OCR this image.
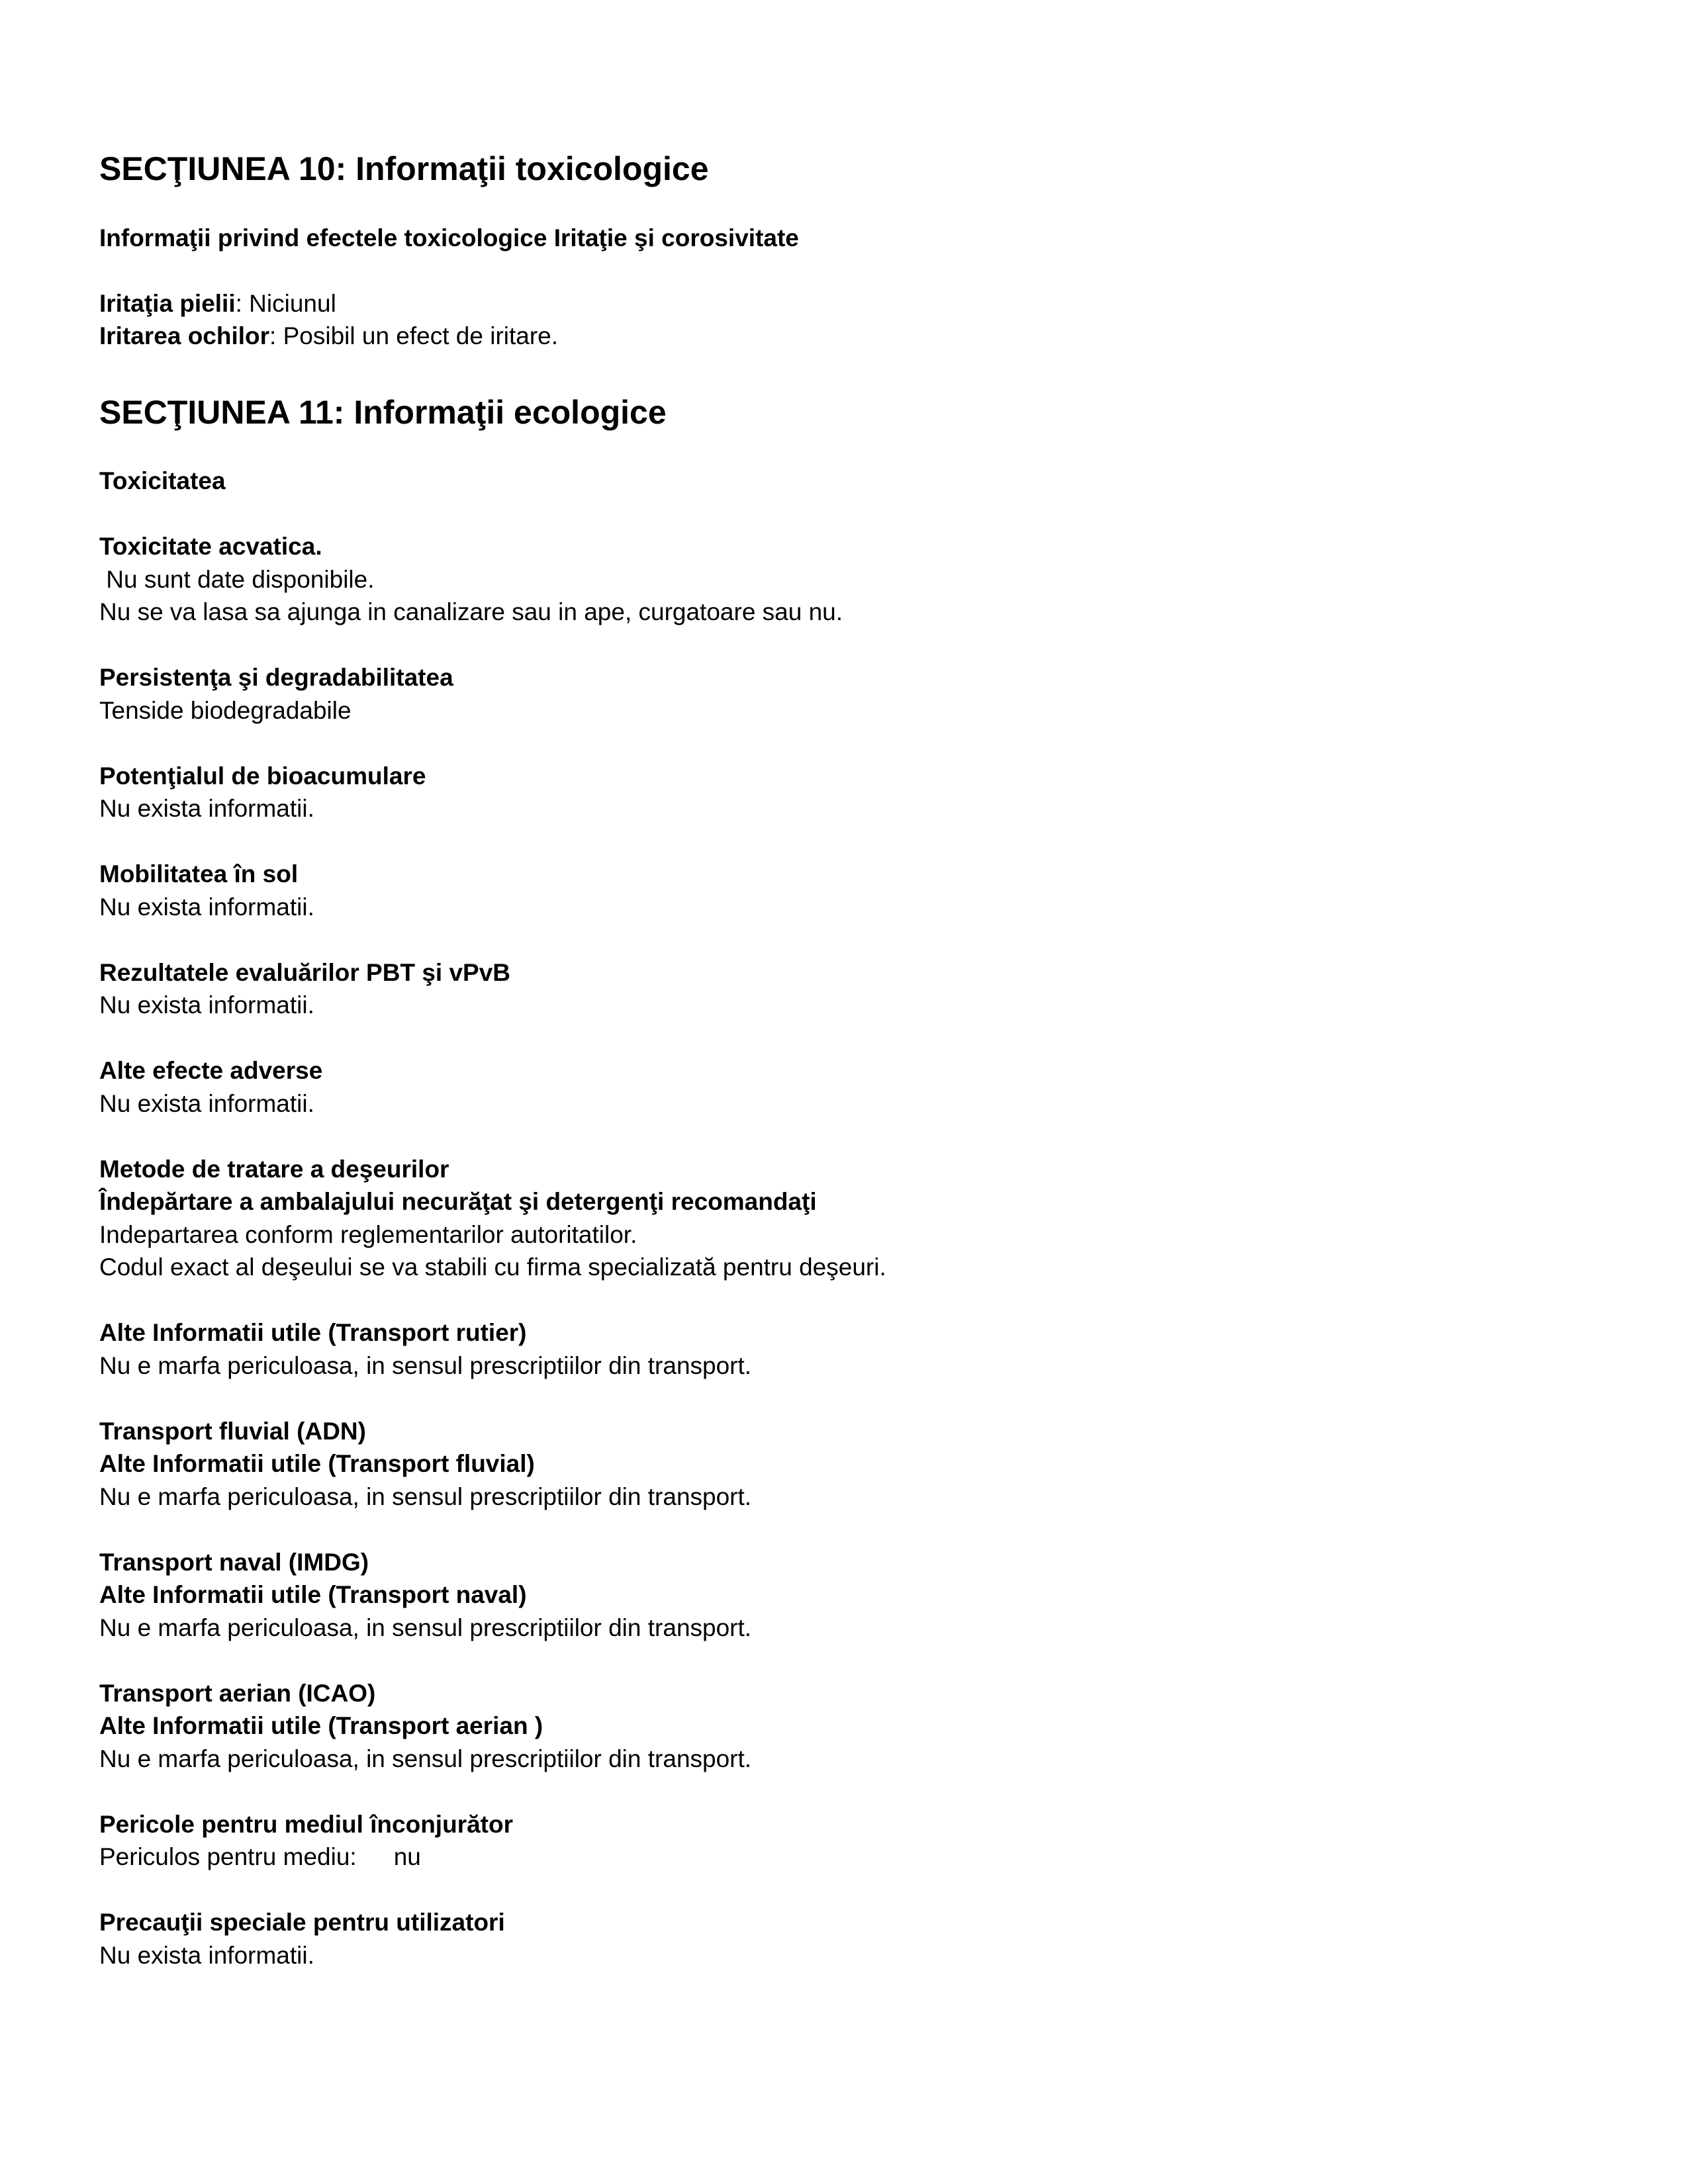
SECŢIUNEA 10: Informaţii toxicologice

Informaţii privind efectele toxicologice Iritaţie şi corosivitate

Iritaţia pielii: Niciunul

Iritarea ochilor: Posibil un efect de iritare.

SECŢIUNEA 11: Informaţii ecologice

Toxicitatea

Toxicitate acvatica.

Nu sunt date disponibile.

Nu se va lasa sa ajunga in canalizare sau in ape, curgatoare sau nu.

Persistenţa şi degradabilitatea

Tenside biodegradabile

Potenţialul de bioacumulare

Nu exista informatii.

Mobilitatea în sol

Nu exista informatii.

Rezultatele evaluărilor PBT şi vPvB

Nu exista informatii.

Alte efecte adverse

Nu exista informatii.

Metode de tratare a deşeurilor

Îndepărtare a ambalajului necurăţat şi detergenţi recomandaţi

Indepartarea conform reglementarilor autoritatilor.

Codul exact al deşeului se va stabili cu firma specializată pentru deşeuri.

Alte Informatii utile (Transport rutier)

Nu e marfa periculoasa, in sensul prescriptiilor din transport.

Transport fluvial (ADN)

Alte Informatii utile (Transport fluvial)

Nu e marfa periculoasa, in sensul prescriptiilor din transport.

Transport naval (IMDG)

Alte Informatii utile (Transport naval)

Nu e marfa periculoasa, in sensul prescriptiilor din transport.

Transport aerian (ICAO)

Alte Informatii utile (Transport aerian )

Nu e marfa periculoasa, in sensul prescriptiilor din transport.

Pericole pentru mediul înconjurător

Periculos pentru mediu: nu

Precauţii speciale pentru utilizatori

Nu exista informatii.
